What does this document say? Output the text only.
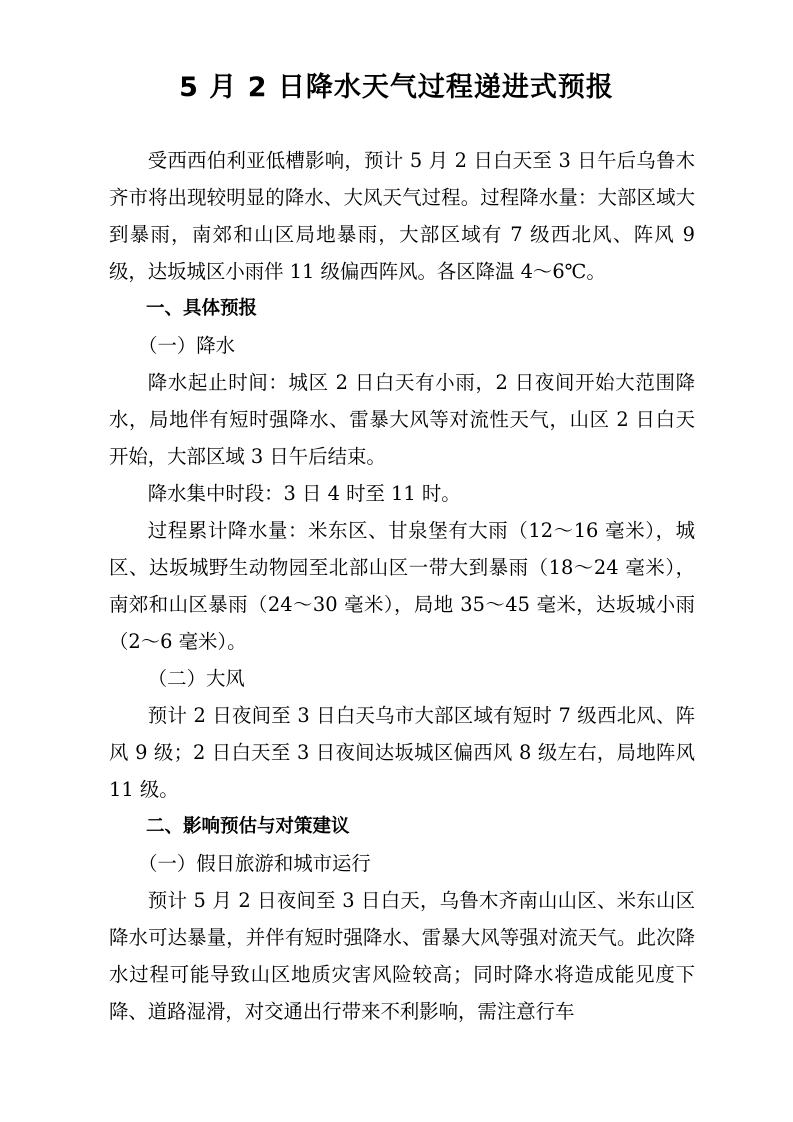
5 月 2 日降水天气过程递进式预报

受西西伯利亚低槽影响，预计 5 月 2 日白天至 3 日午后乌鲁木齐市将出现较明显的降水、大风天气过程。过程降水量：大部区域大到暴雨，南郊和山区局地暴雨，大部区域有 7 级西北风、阵风 9 级，达坂城区小雨伴 11 级偏西阵风。各区降温 4～6℃。

一、具体预报

（一）降水

降水起止时间：城区 2 日白天有小雨，2 日夜间开始大范围降水，局地伴有短时强降水、雷暴大风等对流性天气，山区 2 日白天开始，大部区域 3 日午后结束。

降水集中时段：3 日 4 时至 11 时。

过程累计降水量：米东区、甘泉堡有大雨（12～16 毫米），城区、达坂城野生动物园至北部山区一带大到暴雨（18～24 毫米），南郊和山区暴雨（24～30 毫米），局地 35～45 毫米，达坂城小雨（2～6 毫米）。

（二）大风

预计 2 日夜间至 3 日白天乌市大部区域有短时 7 级西北风、阵风 9 级；2 日白天至 3 日夜间达坂城区偏西风 8 级左右，局地阵风 11 级。

二、影响预估与对策建议

（一）假日旅游和城市运行

预计 5 月 2 日夜间至 3 日白天，乌鲁木齐南山山区、米东山区降水可达暴量，并伴有短时强降水、雷暴大风等强对流天气。此次降水过程可能导致山区地质灾害风险较高；同时降水将造成能见度下降、道路湿滑，对交通出行带来不利影响，需注意行车
